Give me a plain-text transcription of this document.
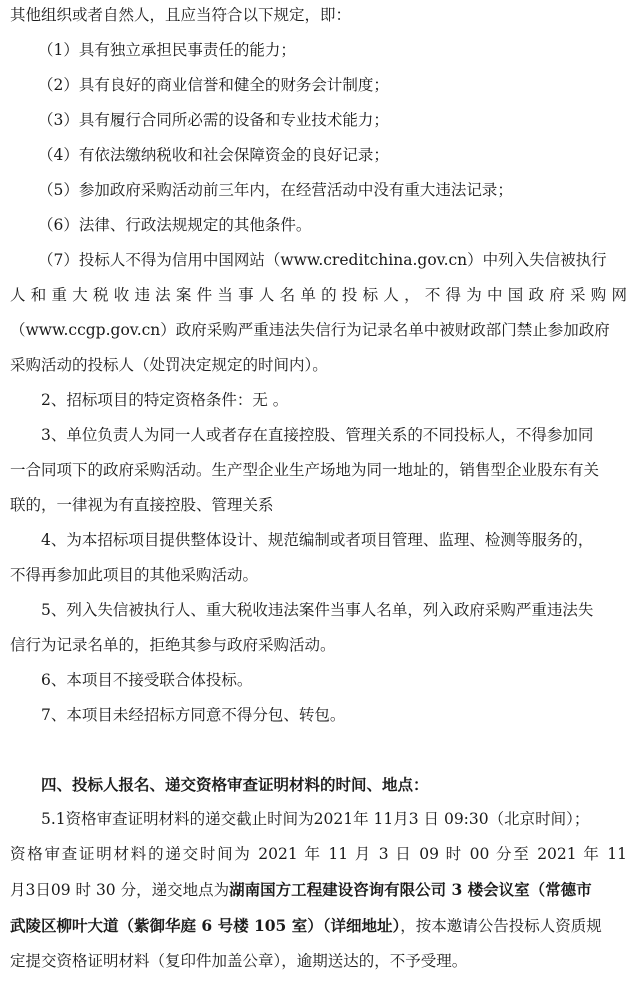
其他组织或者自然人，且应当符合以下规定，即：

（1）具有独立承担民事责任的能力；

（2）具有良好的商业信誉和健全的财务会计制度；

（3）具有履行合同所必需的设备和专业技术能力；

（4）有依法缴纳税收和社会保障资金的良好记录；

（5）参加政府采购活动前三年内，在经营活动中没有重大违法记录；

（6）法律、行政法规规定的其他条件。

（7）投标人不得为信用中国网站（www.creditchina.gov.cn）中列入失信被执行

人和重大税收违法案件当事人名单的投标人，不得为中国政府采购网

（www.ccgp.gov.cn）政府采购严重违法失信行为记录名单中被财政部门禁止参加政府

采购活动的投标人（处罚决定规定的时间内）。

2、招标项目的特定资格条件：无 。

3、单位负责人为同一人或者存在直接控股、管理关系的不同投标人，不得参加同

一合同项下的政府采购活动。生产型企业生产场地为同一地址的，销售型企业股东有关

联的，一律视为有直接控股、管理关系

4、为本招标项目提供整体设计、规范编制或者项目管理、监理、检测等服务的，

不得再参加此项目的其他采购活动。

5、列入失信被执行人、重大税收违法案件当事人名单，列入政府采购严重违法失

信行为记录名单的，拒绝其参与政府采购活动。

6、本项目不接受联合体投标。

7、本项目未经招标方同意不得分包、转包。

四、投标人报名、递交资格审查证明材料的时间、地点：

5.1资格审查证明材料的递交截止时间为2021年 11月3 日 09:30（北京时间）；

资格审查证明材料的递交时间为 2021 年 11 月 3 日 09 时 00 分至 2021 年 11

月3日09 时 30 分，递交地点为湖南国方工程建设咨询有限公司 3 楼会议室（常德市

武陵区柳叶大道（紫御华庭 6 号楼 105 室）（详细地址），按本邀请公告投标人资质规

定提交资格证明材料（复印件加盖公章），逾期送达的，不予受理。
